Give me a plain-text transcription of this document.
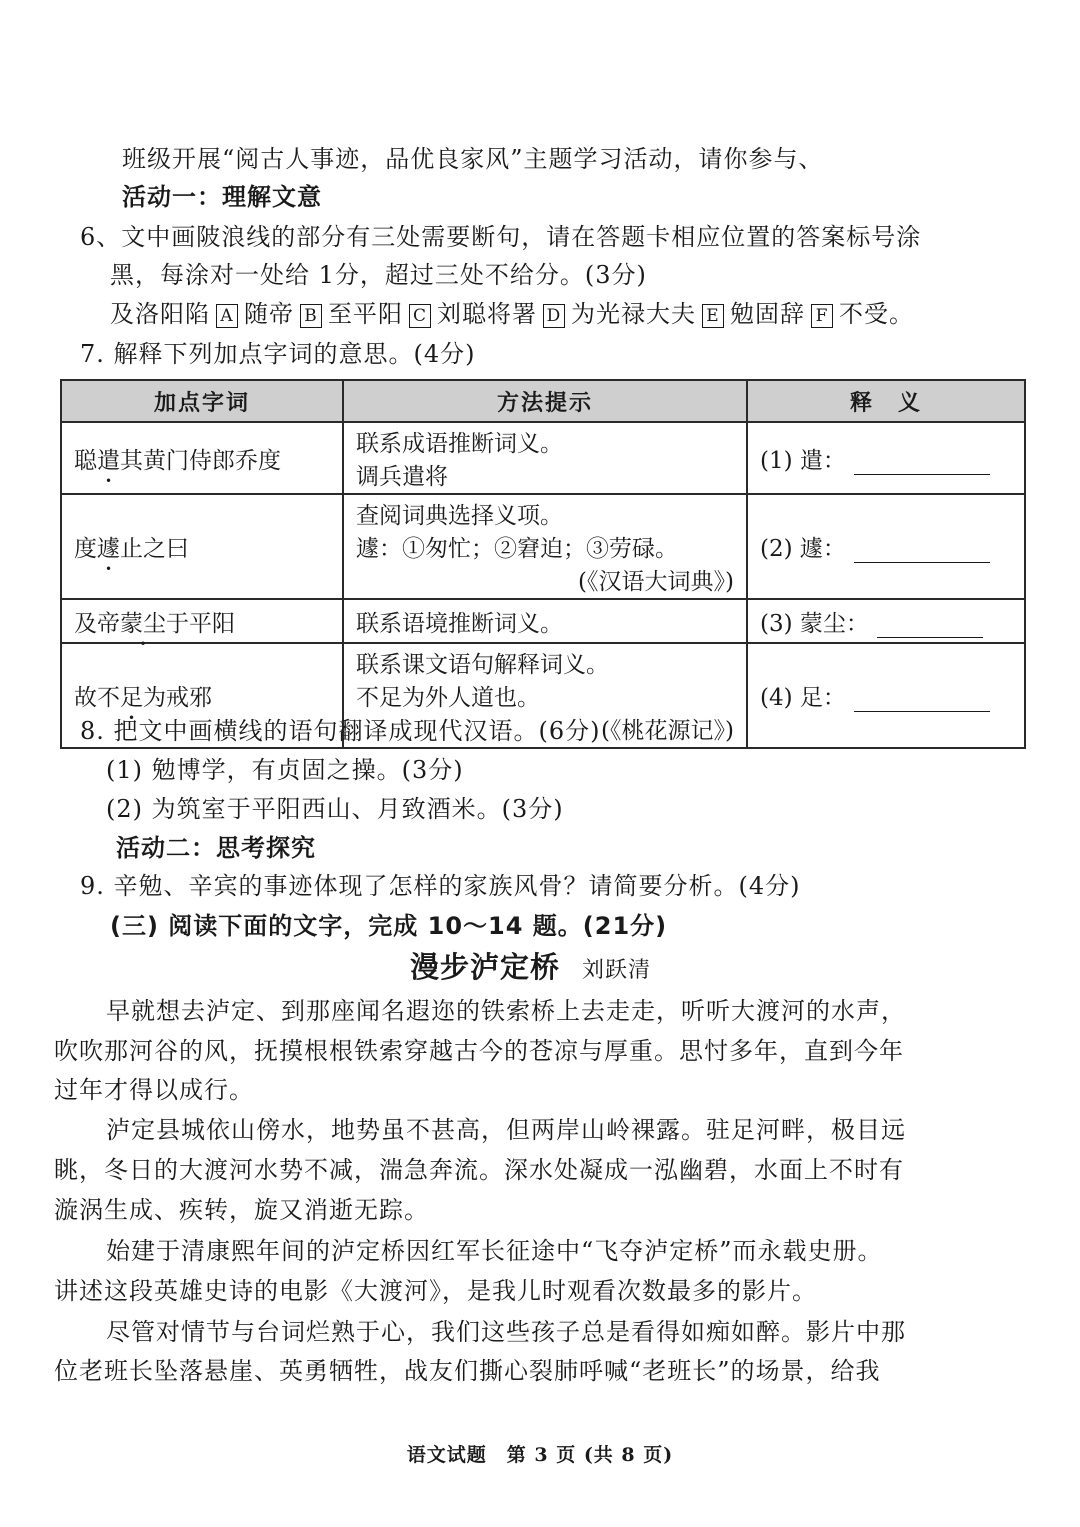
班级开展“阅古人事迹，品优良家风”主题学习活动，请你参与、
活动一：理解文意
6、文中画陂浪线的部分有三处需要断句，请在答题卡相应位置的答案标号涂
黑，每涂对一处给 1分，超过三处不给分。(3分)
及洛阳陷 A 随帝 B 至平阳 C 刘聪将署 D 为光禄大夫 E 勉固辞 F 不受。
7. 解释下列加点字词的意思。(4分)
加点字词	方法提示	释　义
聪遣其黄门侍郎乔度	联系成语推断词义。
调兵遣将	(1) 遣：
度遽止之曰	查阅词典选择义项。
遽：①匆忙；②窘迫；③劳碌。
(《汉语大词典》)	(2) 遽：
及帝蒙尘于平阳	联系语境推断词义。	(3) 蒙尘：
故不足为戒邪	联系课文语句解释词义。
不足为外人道也。
(《桃花源记》)	(4) 足：
8. 把文中画横线的语句翻译成现代汉语。(6分)
(1) 勉博学，有贞固之操。(3分)
(2) 为筑室于平阳西山、月致酒米。(3分)
活动二：思考探究
9. 辛勉、辛宾的事迹体现了怎样的家族风骨？请简要分析。(4分)
(三) 阅读下面的文字，完成 10～14 题。(21分)
漫步泸定桥 刘跃清
早就想去泸定、到那座闻名遐迩的铁索桥上去走走，听听大渡河的水声，
吹吹那河谷的风，抚摸根根铁索穿越古今的苍凉与厚重。思忖多年，直到今年
过年才得以成行。
泸定县城依山傍水，地势虽不甚高，但两岸山岭裸露。驻足河畔，极目远
眺，冬日的大渡河水势不减，湍急奔流。深水处凝成一泓幽碧，水面上不时有
漩涡生成、疾转，旋又消逝无踪。
始建于清康熙年间的泸定桥因红军长征途中“飞夺泸定桥”而永载史册。
讲述这段英雄史诗的电影《大渡河》，是我儿时观看次数最多的影片。
尽管对情节与台词烂熟于心，我们这些孩子总是看得如痴如醉。影片中那
位老班长坠落悬崖、英勇牺牲，战友们撕心裂肺呼喊“老班长”的场景，给我
语文试题　第 3 页 (共 8 页)
